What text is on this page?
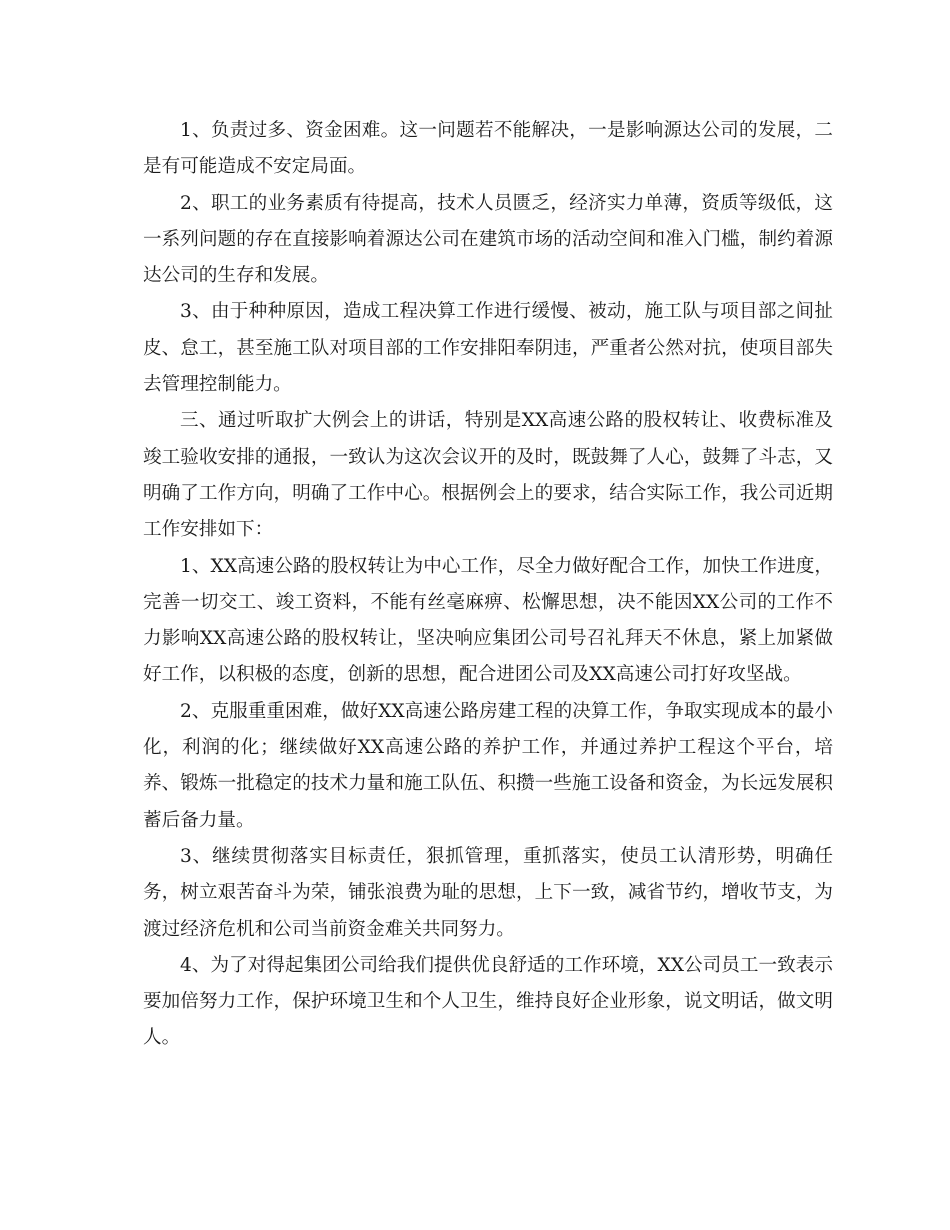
1、负责过多、资金困难。这一问题若不能解决，一是影响源达公司的发展，二是有可能造成不安定局面。

2、职工的业务素质有待提高，技术人员匮乏，经济实力单薄，资质等级低，这一系列问题的存在直接影响着源达公司在建筑市场的活动空间和准入门槛，制约着源达公司的生存和发展。

3、由于种种原因，造成工程决算工作进行缓慢、被动，施工队与项目部之间扯皮、怠工，甚至施工队对项目部的工作安排阳奉阴违，严重者公然对抗，使项目部失去管理控制能力。

三、通过听取扩大例会上的讲话，特别是XX高速公路的股权转让、收费标准及竣工验收安排的通报，一致认为这次会议开的及时，既鼓舞了人心，鼓舞了斗志，又明确了工作方向，明确了工作中心。根据例会上的要求，结合实际工作，我公司近期工作安排如下：

1、XX高速公路的股权转让为中心工作，尽全力做好配合工作，加快工作进度，完善一切交工、竣工资料，不能有丝毫麻痹、松懈思想，决不能因XX公司的工作不力影响XX高速公路的股权转让，坚决响应集团公司号召礼拜天不休息，紧上加紧做好工作，以积极的态度，创新的思想，配合进团公司及XX高速公司打好攻坚战。

2、克服重重困难，做好XX高速公路房建工程的决算工作，争取实现成本的最小化，利润的化；继续做好XX高速公路的养护工作，并通过养护工程这个平台，培养、锻炼一批稳定的技术力量和施工队伍、积攒一些施工设备和资金，为长远发展积蓄后备力量。

3、继续贯彻落实目标责任，狠抓管理，重抓落实，使员工认清形势，明确任务，树立艰苦奋斗为荣，铺张浪费为耻的思想，上下一致，减省节约，增收节支，为渡过经济危机和公司当前资金难关共同努力。

4、为了对得起集团公司给我们提供优良舒适的工作环境，XX公司员工一致表示要加倍努力工作，保护环境卫生和个人卫生，维持良好企业形象，说文明话，做文明人。
